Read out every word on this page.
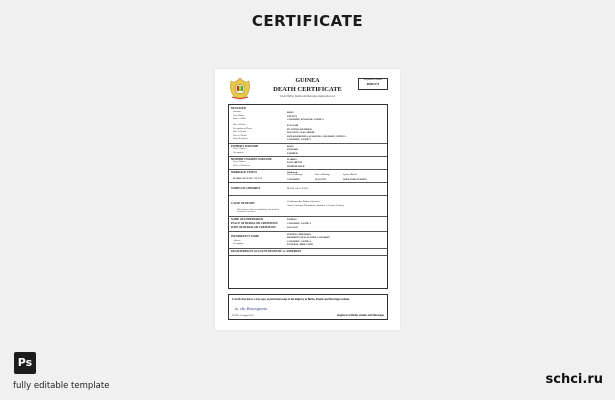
CERTIFICATE
GUINEA
DEATH CERTIFICATE
Under Births, Deaths and Marriages Registration Act
Registration Number
00001171
DECEASED
Surname	ROSS
First Names	STEVEN
Place of Birth	CONAKRY, KALOUM, GUINEA
Date of Birth	07.11.1949
Occupation at Death	PLANTER, RETIRED
Date of Death	26.12.2017, 21:45, HOME
Place of Death	RUE KOUKOUBA, KALOUM, CONAKRY, GUINEA
Usual Residence	CONAKRY, GUINEA
FATHER'S SURNAME	ROSS
Given Names	EDWARD
Occupation	FARMER
MOTHER'S MAIDEN SURNAME	HARRIS
Given Names	ELIZABETH
Place of Residence	HOMEMAKER
MARRIAGE STATUS	Widowed
Place of Marriage	Date of Marriage	Spouse Married
MARRIAGE DATE / PLACE	CONAKRY	21.01.1975	WILLIAMS JUDITH
NAMES OF CHILDREN	MARY (14.12.1976)
CAUSE OF DEATH
Cardiovascular Failure (chronic)
Acute Coronary Thrombosis, duration 1.5 hours (5 days)
Other diseases or illnesses contributing to the death but not related to the disease
NAME OF UNDERTAKER	DUBOIS
PLACE OF BURIAL OR CREMATION	CONAKRY, GUINEA
DATE OF BURIAL OR CREMATION	30.12.2017
INFORMANT'S NAME
JUDITH ANDERSON
RESIDENT OF KALOUM, CONAKRY
Address	CONAKRY, GUINEA
Occupation	FUNERAL DIRECTOR
REGISTERED ON ACCOUNT DEATH BY: A. ANDERSON
I certify that this is a true copy of particulars kept in the Registry of Births, Deaths and Marriages Guinea
A. de Bourgeois
DATE: 9 August 2017	Registrar of Births, Deaths and Marriages
Ps
fully editable template	schci.ru
